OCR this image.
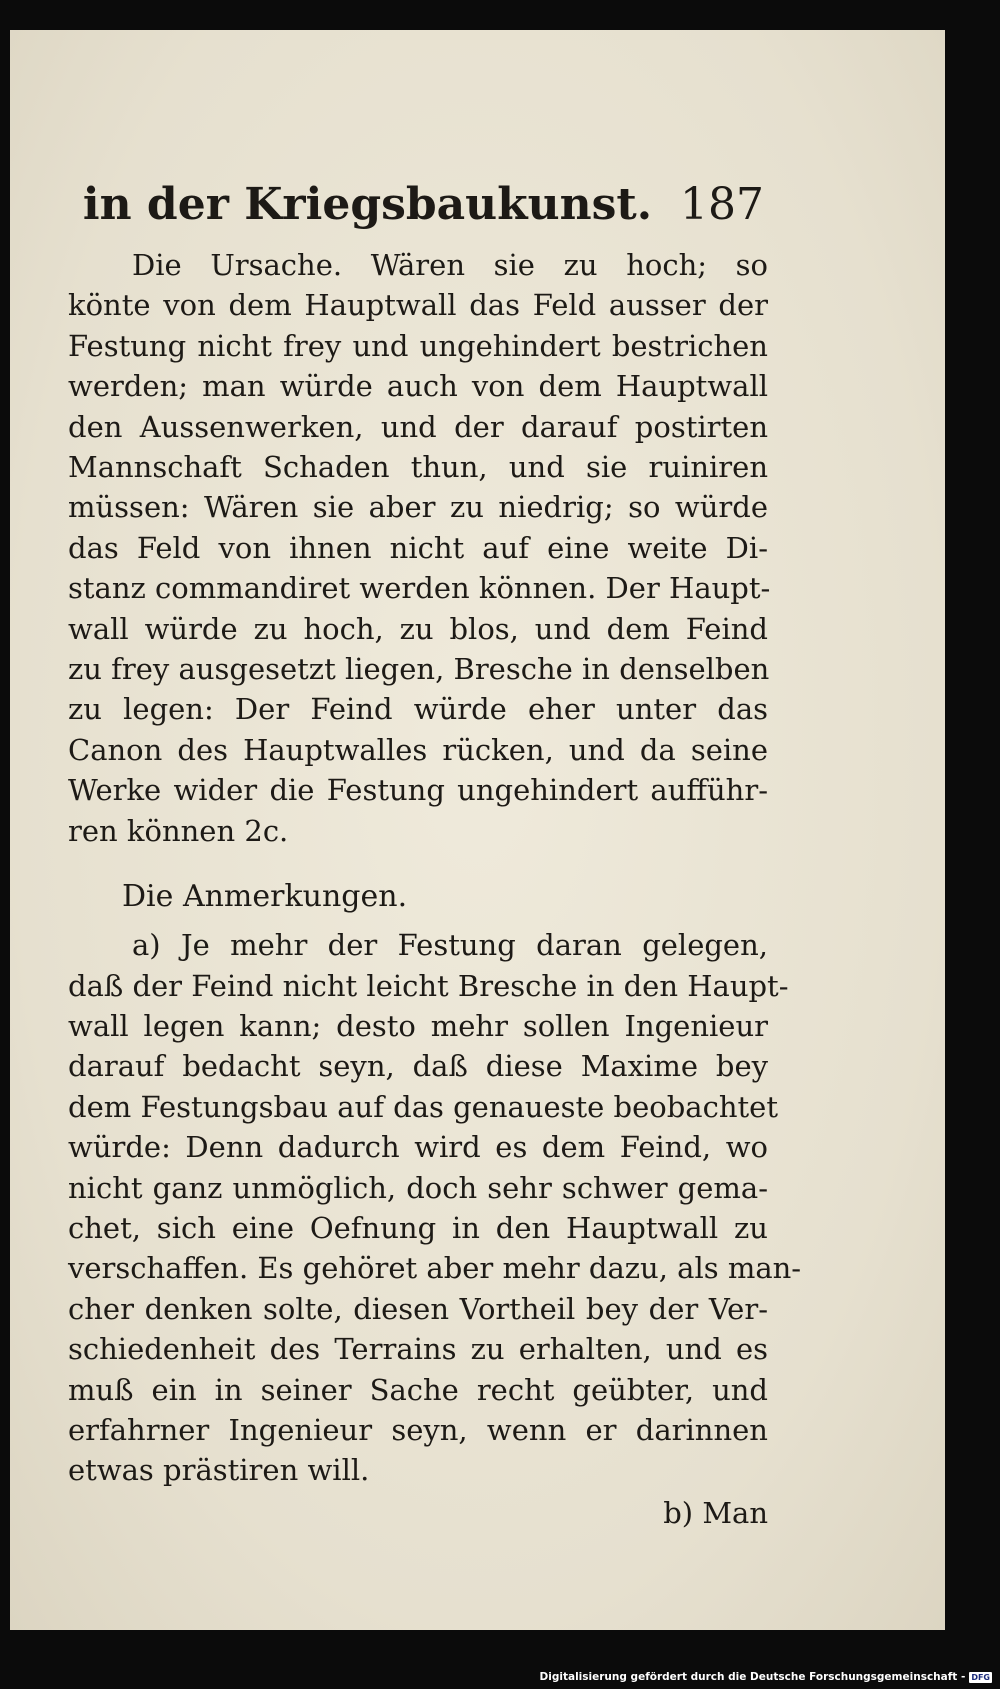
in der Kriegsbaukunst. 187
Die Ursache. Wären sie zu hoch; so
könte von dem Hauptwall das Feld ausser der
Festung nicht frey und ungehindert bestrichen
werden; man würde auch von dem Hauptwall
den Aussenwerken, und der darauf postirten
Mannschaft Schaden thun, und sie ruiniren
müssen: Wären sie aber zu niedrig; so würde
das Feld von ihnen nicht auf eine weite Di-
stanz commandiret werden können. Der Haupt-
wall würde zu hoch, zu blos, und dem Feind
zu frey ausgesetzt liegen, Bresche in denselben
zu legen: Der Feind würde eher unter das
Canon des Hauptwalles rücken, und da seine
Werke wider die Festung ungehindert aufführ-
ren können 2c.
Die Anmerkungen.
a) Je mehr der Festung daran gelegen,
daß der Feind nicht leicht Bresche in den Haupt-
wall legen kann; desto mehr sollen Ingenieur
darauf bedacht seyn, daß diese Maxime bey
dem Festungsbau auf das genaueste beobachtet
würde: Denn dadurch wird es dem Feind, wo
nicht ganz unmöglich, doch sehr schwer gema-
chet, sich eine Oefnung in den Hauptwall zu
verschaffen. Es gehöret aber mehr dazu, als man-
cher denken solte, diesen Vortheil bey der Ver-
schiedenheit des Terrains zu erhalten, und es
muß ein in seiner Sache recht geübter, und
erfahrner Ingenieur seyn, wenn er darinnen
etwas prästiren will.
b) Man
Digitalisierung gefördert durch die Deutsche Forschungsgemeinschaft - DFG
